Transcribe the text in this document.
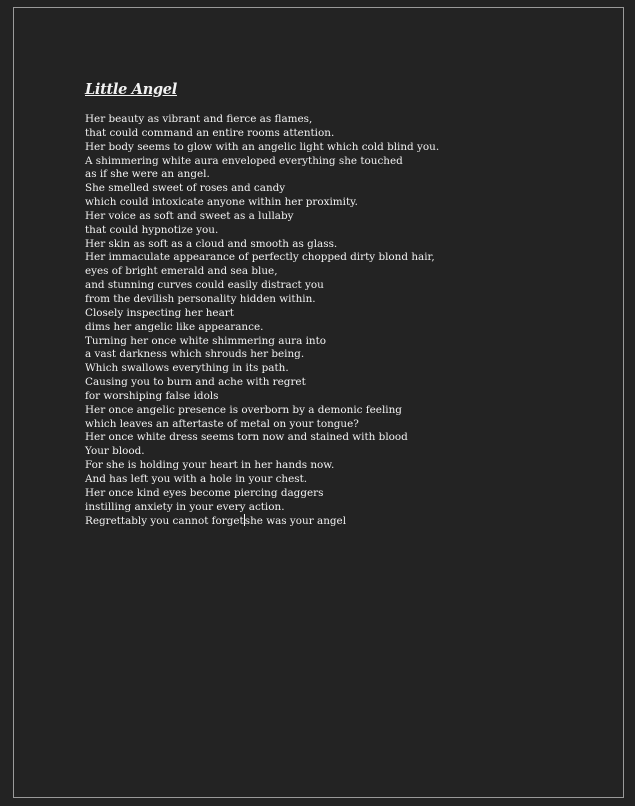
Little Angel
Her beauty as vibrant and fierce as flames,
that could command an entire rooms attention.
Her body seems to glow with an angelic light which cold blind you.
A shimmering white aura enveloped everything she touched
as if she were an angel.
She smelled sweet of roses and candy
which could intoxicate anyone within her proximity.
Her voice as soft and sweet as a lullaby
that could hypnotize you.
Her skin as soft as a cloud and smooth as glass.
Her immaculate appearance of perfectly chopped dirty blond hair,
eyes of bright emerald and sea blue,
and stunning curves could easily distract you
from the devilish personality hidden within.
Closely inspecting her heart
dims her angelic like appearance.
Turning her once white shimmering aura into
a vast darkness which shrouds her being.
Which swallows everything in its path.
Causing you to burn and ache with regret
for worshiping false idols
Her once angelic presence is overborn by a demonic feeling
which leaves an aftertaste of metal on your tongue?
Her once white dress seems torn now and stained with blood
Your blood.
For she is holding your heart in her hands now.
And has left you with a hole in your chest.
Her once kind eyes become piercing daggers
instilling anxiety in your every action.
Regrettably you cannot forgetshe was your angel
